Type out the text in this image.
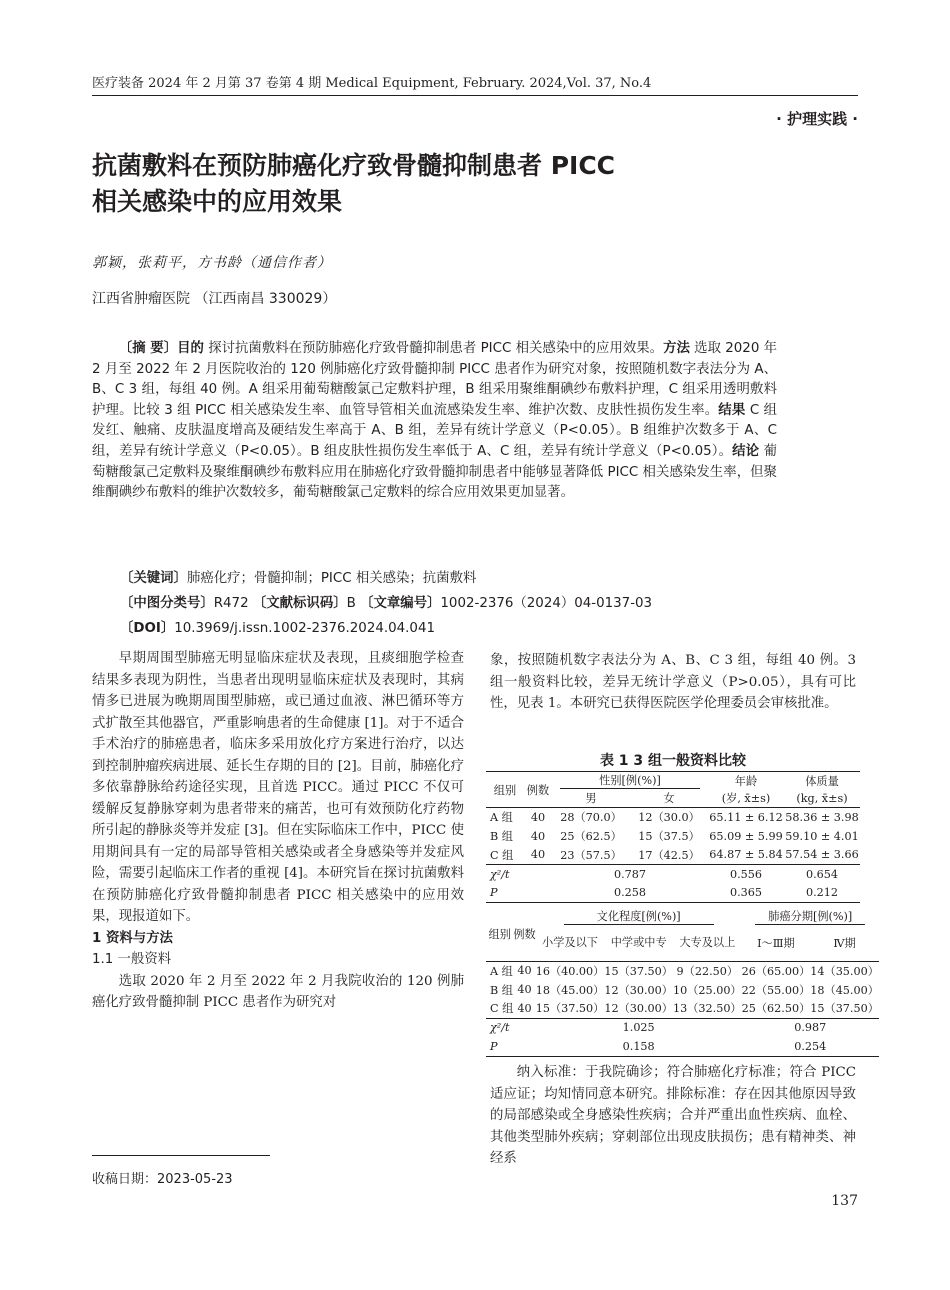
医疗装备 2024 年 2 月第 37 卷第 4 期 Medical Equipment, February. 2024,Vol. 37, No.4
· 护理实践 ·
抗菌敷料在预防肺癌化疗致骨髓抑制患者 PICC
相关感染中的应用效果
郭颖，张莉平，方书龄（通信作者）
江西省肿瘤医院 （江西南昌 330029）
〔摘 要〕目的 探讨抗菌敷料在预防肺癌化疗致骨髓抑制患者 PICC 相关感染中的应用效果。方法 选取 2020 年 2 月至 2022 年 2 月医院收治的 120 例肺癌化疗致骨髓抑制 PICC 患者作为研究对象，按照随机数字表法分为 A、B、C 3 组，每组 40 例。A 组采用葡萄糖酸氯己定敷料护理，B 组采用聚维酮碘纱布敷料护理，C 组采用透明敷料护理。比较 3 组 PICC 相关感染发生率、血管导管相关血流感染发生率、维护次数、皮肤性损伤发生率。结果 C 组发红、触痛、皮肤温度增高及硬结发生率高于 A、B 组，差异有统计学意义（P<0.05）。B 组维护次数多于 A、C 组，差异有统计学意义（P<0.05）。B 组皮肤性损伤发生率低于 A、C 组，差异有统计学意义（P<0.05）。结论 葡萄糖酸氯己定敷料及聚维酮碘纱布敷料应用在肺癌化疗致骨髓抑制患者中能够显著降低 PICC 相关感染发生率，但聚维酮碘纱布敷料的维护次数较多，葡萄糖酸氯己定敷料的综合应用效果更加显著。
〔关键词〕肺癌化疗；骨髓抑制；PICC 相关感染；抗菌敷料
〔中图分类号〕R472 〔文献标识码〕B 〔文章编号〕1002-2376（2024）04-0137-03
〔DOI〕10.3969/j.issn.1002-2376.2024.04.041

早期周围型肺癌无明显临床症状及表现，且痰细胞学检查结果多表现为阴性，当患者出现明显临床症状及表现时，其病情多已进展为晚期周围型肺癌，或已通过血液、淋巴循环等方式扩散至其他器官，严重影响患者的生命健康 [1]。对于不适合手术治疗的肺癌患者，临床多采用放化疗方案进行治疗，以达到控制肿瘤疾病进展、延长生存期的目的 [2]。目前，肺癌化疗多依靠静脉给药途径实现，且首选 PICC。通过 PICC 不仅可缓解反复静脉穿刺为患者带来的痛苦，也可有效预防化疗药物所引起的静脉炎等并发症 [3]。但在实际临床工作中，PICC 使用期间具有一定的局部导管相关感染或者全身感染等并发症风险，需要引起临床工作者的重视 [4]。本研究旨在探讨抗菌敷料在预防肺癌化疗致骨髓抑制患者 PICC 相关感染中的应用效果，现报道如下。

1 资料与方法

1.1 一般资料

选取 2020 年 2 月至 2022 年 2 月我院收治的 120 例肺癌化疗致骨髓抑制 PICC 患者作为研究对

象，按照随机数字表法分为 A、B、C 3 组，每组 40 例。3 组一般资料比较，差异无统计学意义（P>0.05），具有可比性，见表 1。本研究已获得医院医学伦理委员会审核批准。

表 1 3 组一般资料比较
组别	例数	性别[例(%)]		年龄	体质量
		男	女	(岁, x̄±s)	(kg, x̄±s)
A 组	40	28（70.0）	12（30.0）	65.11 ± 6.12	58.36 ± 3.98
B 组	40	25（62.5）	15（37.5）	65.09 ± 5.99	59.10 ± 4.01
C 组	40	23（57.5）	17（42.5）	64.87 ± 5.84	57.54 ± 3.66
χ²/t		0.787		0.556	0.654
P		0.258		0.365	0.212
组别	例数	文化程度[例(%)]			肺癌分期[例(%)]	
		小学及以下	中学或中专	大专及以上	Ⅰ～Ⅲ期	Ⅳ期
A 组	40	16（40.00）	15（37.50）	9（22.50）	26（65.00）	14（35.00）
B 组	40	18（45.00）	12（30.00）	10（25.00）	22（55.00）	18（45.00）
C 组	40	15（37.50）	12（30.00）	13（32.50）	25（62.50）	15（37.50）
χ²/t		1.025			0.987	
P		0.158			0.254	

纳入标准：于我院确诊；符合肺癌化疗标准；符合 PICC 适应证；均知情同意本研究。排除标准：存在因其他原因导致的局部感染或全身感染性疾病；合并严重出血性疾病、血栓、其他类型肺外疾病；穿刺部位出现皮肤损伤；患有精神类、神经系

收稿日期：2023-05-23
137
